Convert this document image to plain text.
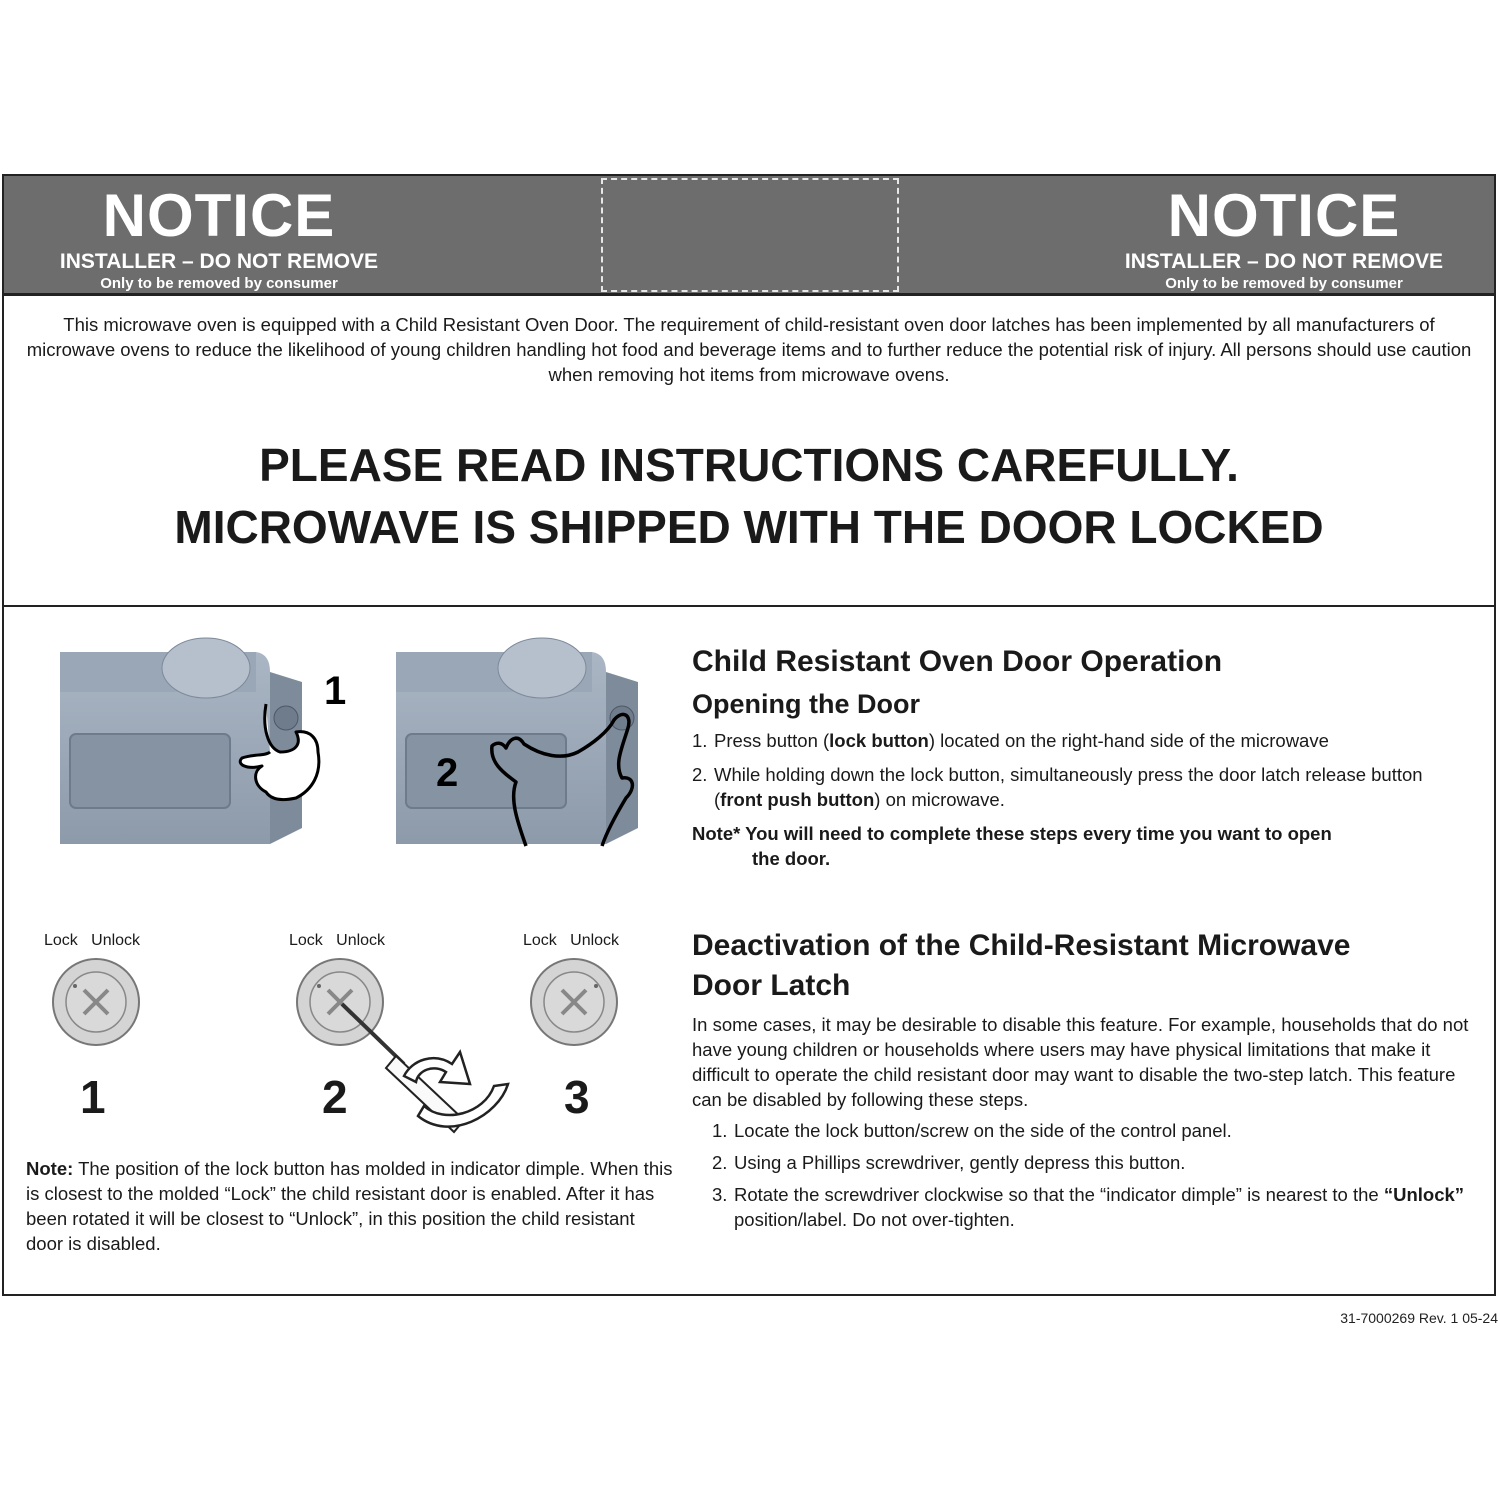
NOTICE
INSTALLER – DO NOT REMOVE
Only to be removed by consumer
NOTICE
INSTALLER – DO NOT REMOVE
Only to be removed by consumer
This microwave oven is equipped with a Child Resistant Oven Door. The requirement of child-resistant oven door latches has been implemented by all manufacturers of microwave ovens to reduce the likelihood of young children handling hot food and beverage items and to further reduce the potential risk of injury. All persons should use caution when removing hot items from microwave ovens.
PLEASE READ INSTRUCTIONS CAREFULLY.
MICROWAVE IS SHIPPED WITH THE DOOR LOCKED
1
2
Child Resistant Oven Door Operation
Opening the Door
1. Press button (lock button) located on the right-hand side of the microwave
2. While holding down the lock button, simultaneously press the door latch release button (front push button) on microwave.
Note* You will need to complete these steps every time you want to open
the door.
Lock Unlock
1
Lock Unlock
2
Lock Unlock
3
Note: The position of the lock button has molded in indicator dimple. When this is closest to the molded “Lock” the child resistant door is enabled. After it has been rotated it will be closest to “Unlock”, in this position the child resistant door is disabled.
Deactivation of the Child-Resistant Microwave
Door Latch
In some cases, it may be desirable to disable this feature. For example, households that do not have young children or households where users may have physical limitations that make it difficult to operate the child resistant door may want to disable the two-step latch. This feature can be disabled by following these steps.
1. Locate the lock button/screw on the side of the control panel.
2. Using a Phillips screwdriver, gently depress this button.
3. Rotate the screwdriver clockwise so that the “indicator dimple” is nearest to the “Unlock” position/label. Do not over-tighten.
31-7000269 Rev. 1 05-24
